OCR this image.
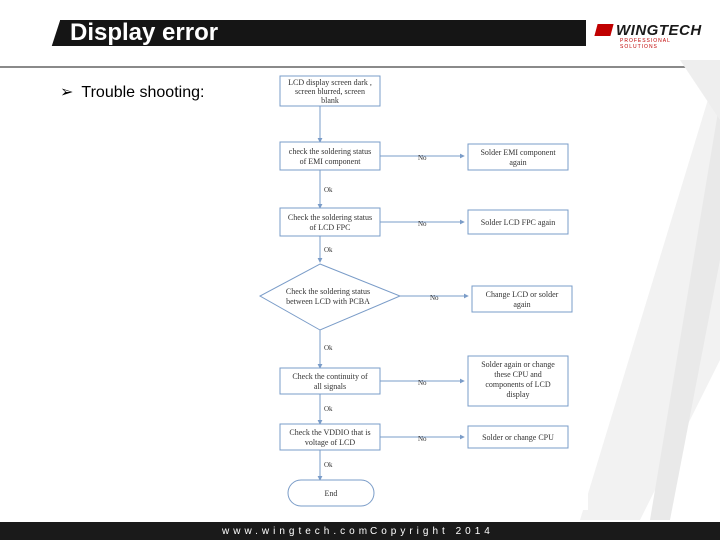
Display error	WINGTECH
PROFESSIONAL SOLUTIONS
➢ Trouble shooting:
Ok
Ok
Ok
Ok
Ok
No
No
No
No
No
LCD display screen dark ,
screen blurred, screen
blank
check the soldering status
of EMI component
Check the soldering status
of LCD FPC
Check the soldering status
between LCD with PCBA
Check the continuity of
all signals
Check the VDDIO that is
voltage of LCD
End
Solder EMI component
again
Solder LCD FPC again
Change LCD or solder
again
Solder again or change
these CPU and
components of LCD
display
Solder or change CPU
www.wingtech.com
Copyright 2014
